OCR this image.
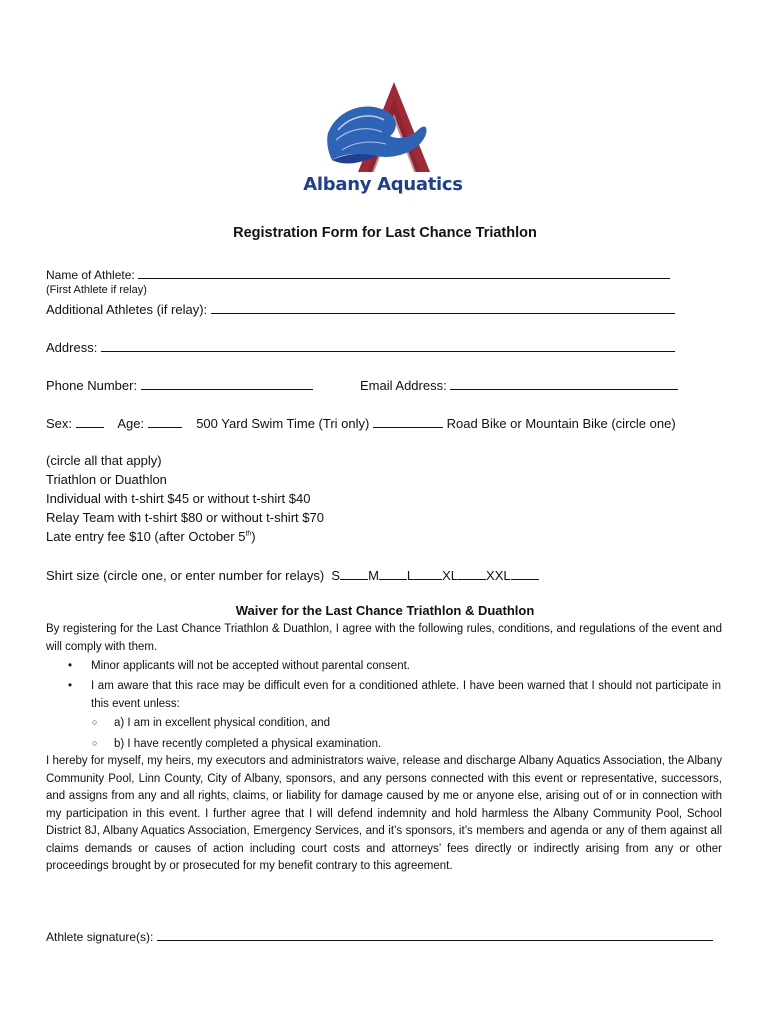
Albany Aquatics
Registration Form for Last Chance Triathlon
Name of Athlete:
(First Athlete if relay)
Additional Athletes (if relay):
Address:
Phone Number:	Email Address:
Sex:	Age:	500 Yard Swim Time (Tri only)	Road Bike or Mountain Bike (circle one)
(circle all that apply)
Triathlon or Duathlon
Individual with t-shirt $45 or without t-shirt $40
Relay Team with t-shirt $80 or without t-shirt $70
Late entry fee $10 (after October 5th)
Shirt size (circle one, or enter number for relays) S M L XL XXL
Waiver for the Last Chance Triathlon & Duathlon
By registering for the Last Chance Triathlon & Duathlon, I agree with the following rules, conditions, and regulations of the event and will comply with them.
• Minor applicants will not be accepted without parental consent.
• I am aware that this race may be difficult even for a conditioned athlete. I have been warned that I should not participate in this event unless:
○ a) I am in excellent physical condition, and
○ b) I have recently completed a physical examination.
I hereby for myself, my heirs, my executors and administrators waive, release and discharge Albany Aquatics Association, the Albany Community Pool, Linn County, City of Albany, sponsors, and any persons connected with this event or representative, successors, and assigns from any and all rights, claims, or liability for damage caused by me or anyone else, arising out of or in connection with my participation in this event. I further agree that I will defend indemnity and hold harmless the Albany Community Pool, School District 8J, Albany Aquatics Association, Emergency Services, and it’s sponsors, it’s members and agenda or any of them against all claims demands or causes of action including court costs and attorneys’ fees directly or indirectly arising from any or other proceedings brought by or prosecuted for my benefit contrary to this agreement.
Athlete signature(s):
